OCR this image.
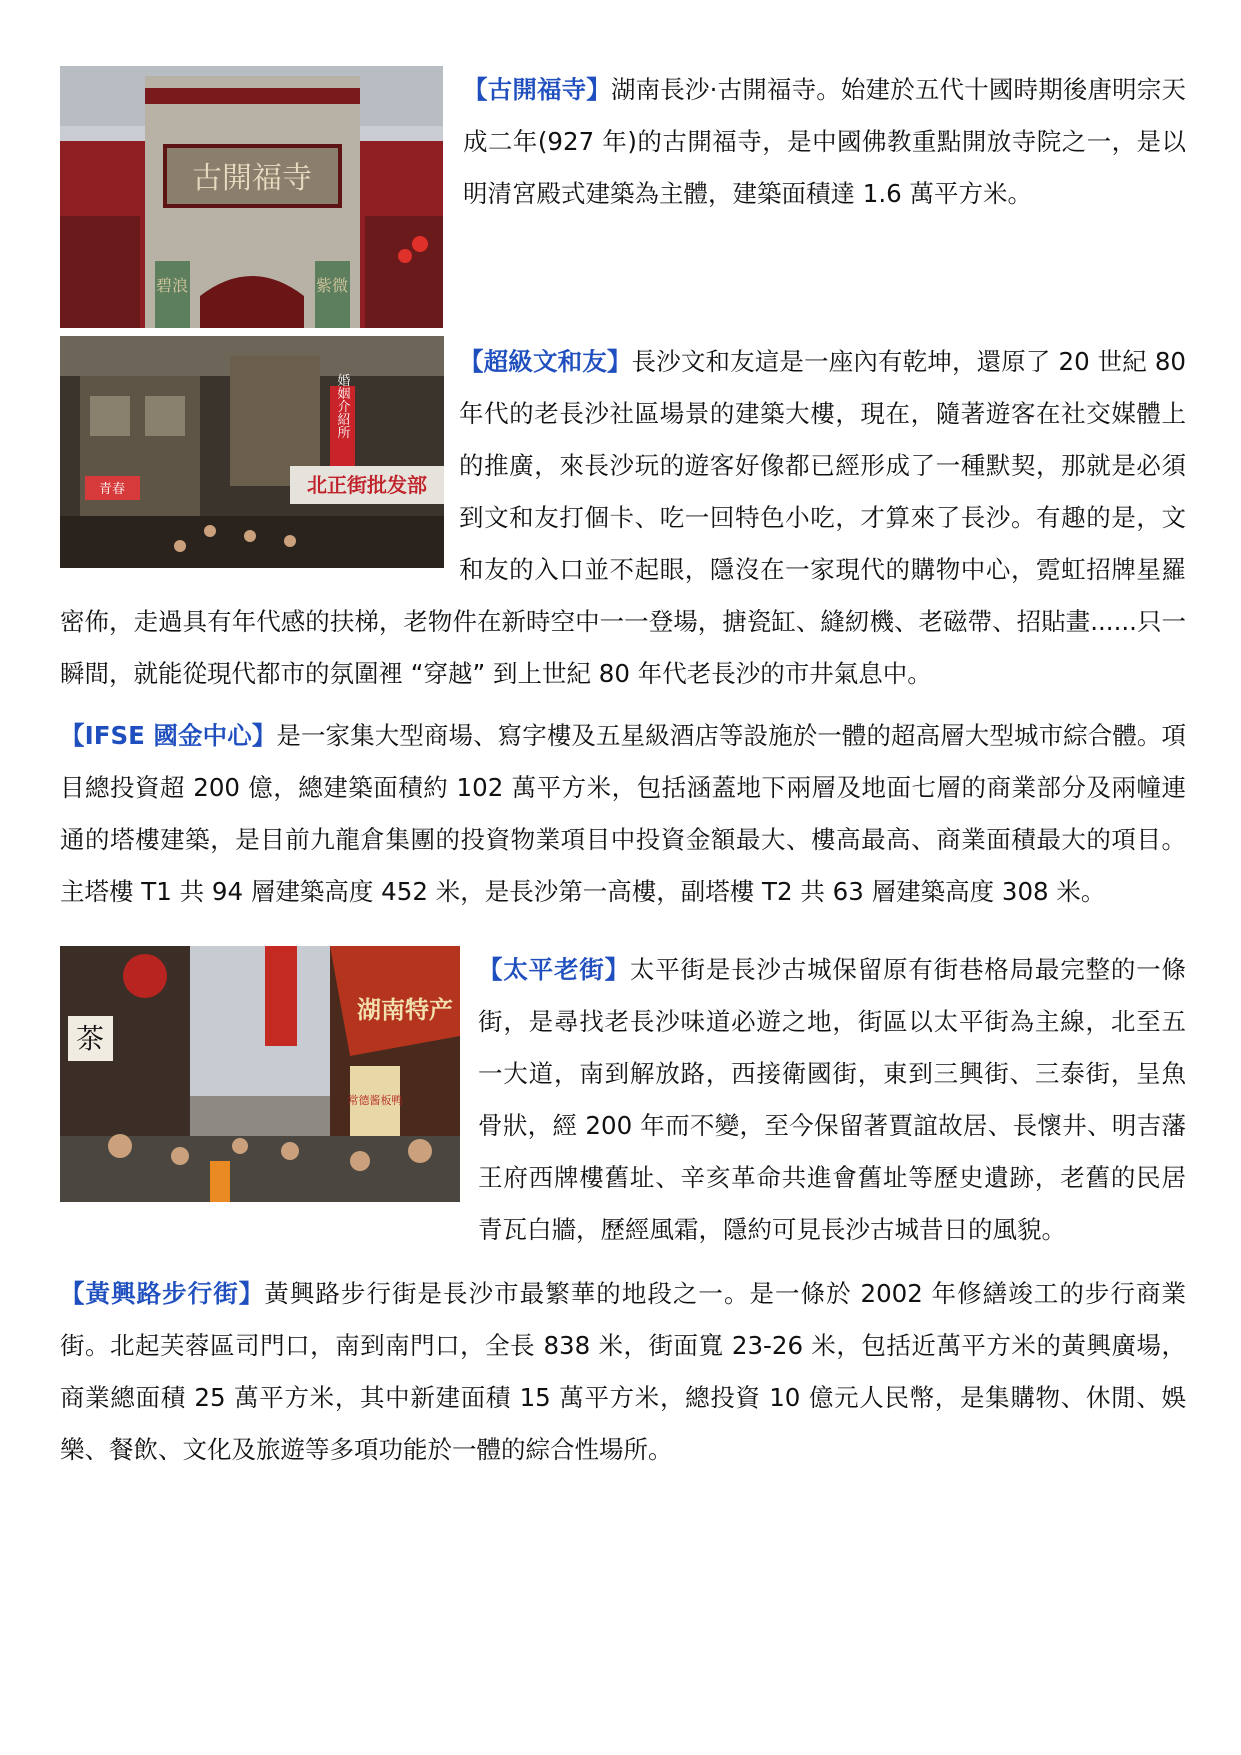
古開福寺
碧浪	紫微
【古開福寺】湖南長沙·古開福寺。始建於五代十國時期後唐明宗天成二年(927 年)的古開福寺，是中國佛教重點開放寺院之一，是以明清宮殿式建築為主體，建築面積達 1.6 萬平方米。
婚姻介紹所
北正街批发部
青春
【超級文和友】長沙文和友這是一座內有乾坤，還原了 20 世紀 80 年代的老長沙社區場景的建築大樓，現在，隨著遊客在社交媒體上的推廣，來長沙玩的遊客好像都已經形成了一種默契，那就是必須到文和友打個卡、吃一回特色小吃，才算來了長沙。有趣的是，文和友的入口並不起眼，隱沒在一家現代的購物中心，霓虹招牌星羅密佈，走過具有年代感的扶梯，老物件在新時空中一一登場，搪瓷缸、縫紉機、老磁帶、招貼畫......只一瞬間，就能從現代都市的氛圍裡 “穿越” 到上世紀 80 年代老長沙的市井氣息中。
【IFSE 國金中心】是一家集大型商場、寫字樓及五星級酒店等設施於一體的超高層大型城市綜合體。項目總投資超 200 億，總建築面積約 102 萬平方米，包括涵蓋地下兩層及地面七層的商業部分及兩幢連通的塔樓建築，是目前九龍倉集團的投資物業項目中投資金額最大、樓高最高、商業面積最大的項目。主塔樓 T1 共 94 層建築高度 452 米，是長沙第一高樓，副塔樓 T2 共 63 層建築高度 308 米。
湖南特产
常德酱板鸭
茶
【太平老街】太平街是長沙古城保留原有街巷格局最完整的一條街，是尋找老長沙味道必遊之地，街區以太平街為主線，北至五一大道，南到解放路，西接衛國街，東到三興街、三泰街，呈魚骨狀，經 200 年而不變，至今保留著賈誼故居、長懷井、明吉藩王府西牌樓舊址、辛亥革命共進會舊址等歷史遺跡，老舊的民居青瓦白牆，歷經風霜，隱約可見長沙古城昔日的風貌。
【黃興路步行街】黃興路步行街是長沙市最繁華的地段之一。是一條於 2002 年修繕竣工的步行商業街。北起芙蓉區司門口，南到南門口，全長 838 米，街面寬 23-26 米，包括近萬平方米的黃興廣場，商業總面積 25 萬平方米，其中新建面積 15 萬平方米，總投資 10 億元人民幣，是集購物、休閒、娛樂、餐飲、文化及旅遊等多項功能於一體的綜合性場所。
